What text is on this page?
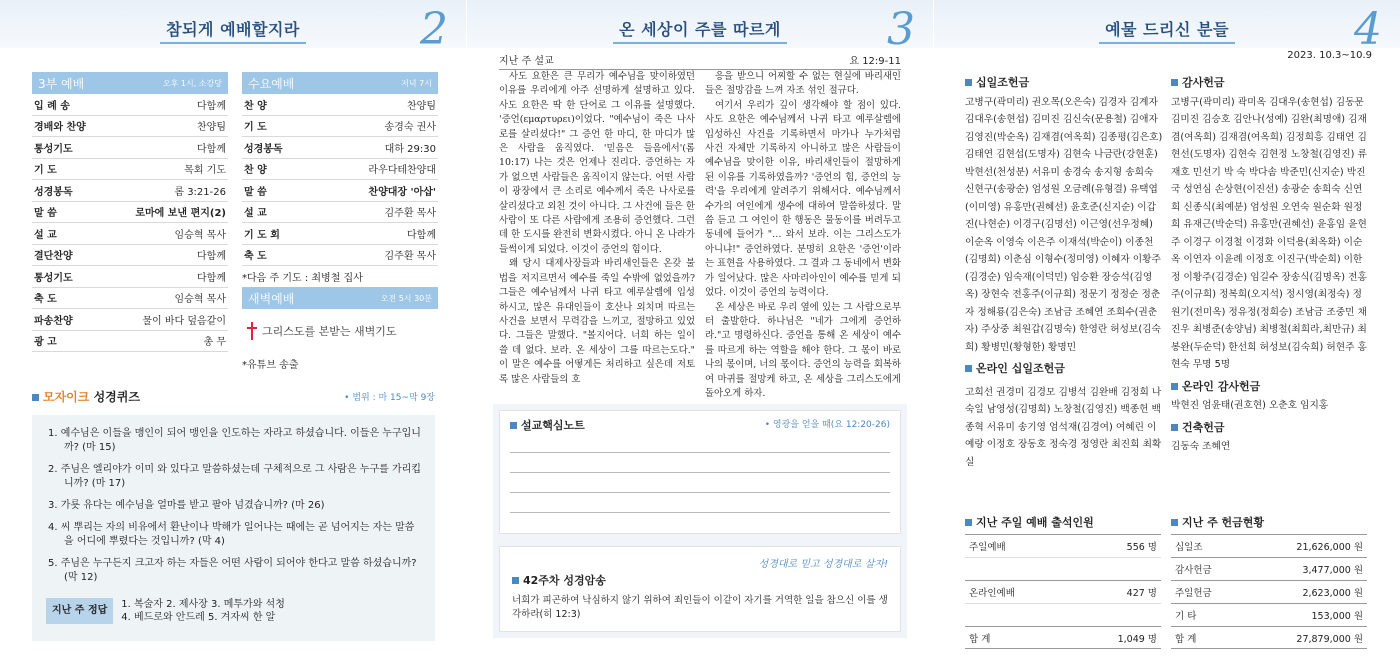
참되게 예배할지라	2
3부 예배	오후 1시, 소강당
입 례 송	다함께
경배와 찬양	찬양팀
통성기도	다함께
기 도	목회 기도
성경봉독	롬 3:21-26
말 씀	로마에 보낸 편지(2)
설 교	임승혁 목사
결단찬양	다함께
통성기도	다함께
축 도	임승혁 목사
파송찬양	물이 바다 덮음같이
광 고	총 무
수요예배	저녁 7시
찬 양	찬양팀
기 도	송경숙 권사
성경봉독	대하 29:30
찬 양	라우다테찬양대
말 씀	찬양대장 '아삽'
설 교	김주환 목사
기 도 회	다함께
축 도	김주환 목사
*다음 주 기도 : 최병철 집사
새벽예배	오전 5시 30분
그리스도를 본받는 새벽기도
*유튜브 송출
모자이크 성경퀴즈	• 범위 : 마 15~막 9장
1. 예수님은 이들을 맹인이 되어 맹인을 인도하는 자라고 하셨습니다. 이들은 누구입니까? (마 15)
2. 주님은 엘리야가 이미 와 있다고 말씀하셨는데 구체적으로 그 사람은 누구를 가리킵니까? (마 17)
3. 가룟 유다는 예수님을 얼마를 받고 팔아 넘겼습니까? (마 26)
4. 씨 뿌리는 자의 비유에서 환난이나 박해가 일어나는 때에는 곧 넘어지는 자는 말씀을 어디에 뿌렸다는 것입니까? (막 4)
5. 주님은 누구든지 크고자 하는 자들은 어떤 사람이 되어야 한다고 말씀 하셨습니까? (막 12)
지난 주 정답
1. 복술자 2. 제사장 3. 메투가와 석청
4. 베드로와 안드레 5. 겨자씨 한 알
온 세상이 주를 따르게	3
지난 주 설교	요 12:9-11

사도 요한은 큰 무리가 예수님을 맞이하였던 이유를 우리에게 아주 선명하게 설명하고 있다. 사도 요한은 딱 한 단어로 그 이유를 설명했다. '증언(εμαρτυρει)이었다. "예수님이 죽은 나사로를 살리셨다!" 그 증언 한 마디, 한 마디가 많은 사람을 움직였다. '믿음은 들음에서'(롬 10:17) 나는 것은 언제나 진리다. 증언하는 자가 없으면 사람들은 움직이지 않는다. 어떤 사람이 광장에서 큰 소리로 예수께서 죽은 나사로를 살리셨다고 외친 것이 아니다. 그 사건에 들은 한 사람이 또 다른 사람에게 조용히 증언했다. 그런데 한 도시를 완전히 변화시켰다. 아니 온 나라가 들썩이게 되었다. 이것이 증언의 힘이다.

왜 당시 대제사장들과 바리새인들은 온갖 불법을 저지르면서 예수를 죽일 수밖에 없었을까? 그들은 예수님께서 나귀 타고 예루살렘에 입성하시고, 많은 유대인들이 호산나 외치며 따르는 사건을 보면서 무력감을 느끼고, 절망하고 있었다. 그들은 말했다. "볼지어다. 너희 하는 일이 쓸 데 없다. 보라. 온 세상이 그를 따르는도다." 이 말은 예수를 어떻게든 처리하고 싶은데 저토록 많은 사람들의 호

응을 받으니 어찌할 수 없는 현실에 바리새인들은 절망감을 느껴 자조 섞인 절규다.

여기서 우리가 깊이 생각해야 할 점이 있다. 사도 요한은 예수님께서 나귀 타고 예루살렘에 입성하신 사건을 기록하면서 마가나 누가처럼 사건 자체만 기록하지 아니하고 많은 사람들이 예수님을 맞이한 이유, 바리새인들이 절망하게 된 이유를 기록하였을까? '증언의 힘, 증언의 능력'을 우리에게 알려주기 위해서다. 예수님께서 수가의 여인에게 생수에 대하여 말씀하셨다. 말씀 듣고 그 여인이 한 행동은 물동이를 버려두고 동네에 들어가 "… 와서 보라. 이는 그리스도가 아니냐!" 증언하였다. 분명히 요한은 '증언'이라는 표현을 사용하였다. 그 결과 그 동네에서 변화가 일어났다. 많은 사마리아인이 예수를 믿게 되었다. 이것이 증언의 능력이다.

온 세상은 바로 우리 옆에 있는 그 사람으로부터 출발한다. 하나님은 "네가 그에게 증언하라."고 명령하신다. 증언을 통해 온 세상이 예수를 따르게 하는 역할을 해야 한다. 그 몫이 바로 나의 몫이며, 너의 몫이다. 증언의 능력을 회복하여 마귀를 절망케 하고, 온 세상을 그리스도에게 돌아오게 하자.

설교핵심노트	• 영광을 얻을 때(요 12:20-26)
성경대로 믿고 성경대로 살자!
42주차 성경암송
너희가 피곤하여 낙심하지 않기 위하여 죄인들이 이같이 자기를 거역한 일을 참으신 이를 생각하라(히 12:3)
예물 드리신 분들	4
2023. 10.3~10.9
십일조헌금
고병구(곽미리) 권오목(오은숙) 김경자 김계자 김대우(송현섭) 김미진 김신숙(문용철) 김애자 김영진(박순옥) 김재겸(여옥희) 김종평(김은호) 김태연 김현섭(도명자) 김현숙 나금란(강현훈) 박현선(천성분) 서유미 송경숙 송지형 송희숙 신현구(송광순) 엄성원 오금례(유형결) 유택엽(이미영) 유홍만(권혜선) 윤호준(신지순) 이갑진(나현순) 이경구(김명선) 이근영(선우정혜) 이순옥 이영숙 이은주 이재석(박순이) 이종천(김명희) 이춘심 이형수(정미영) 이혜자 이황주(김경순) 임숙재(이덕민) 임승환 장승석(김영옥) 장현숙 전홍주(이규희) 정문기 정정순 정춘자 정해룡(김은숙) 조남금 조혜연 조희수(권춘자) 주상중 최원갑(김명숙) 한영란 허성보(김숙희) 황병민(황형한) 황명민
온라인 십일조헌금
고희선 권경미 김경모 김병석 김완배 김정희 나숙일 남영성(김명희) 노창철(김영진) 백종헌 백종혁 서유미 송기영 엄석재(김경여) 여혜린 이예랑 이정호 장동호 정숙경 정영란 최진희 최확실
감사헌금
고병구(곽미리) 곽미옥 김대우(송현섭) 김동문 김미진 김승호 김안나(성예) 김완(최명애) 김재겸(여옥희) 김재겸(여옥희) 김정희흥 김태연 김현선(도명자) 김현숙 김현정 노창철(김영진) 류재호 민선기 박 숙 박다솜 박준민(신지순) 박진국 성연심 손상현(이진선) 송광순 송희숙 신연희 신종식(최예분) 엄성원 오연숙 원순화 원정희 유재근(박순덕) 유홍만(권혜선) 윤홍임 윤현주 이경구 이경철 이경화 이덕용(최옥화) 이순옥 이연자 이윤례 이정호 이진구(박순희) 이한정 이황주(김경순) 임길수 장송식(김명옥) 전홍주(이규희) 정복희(오지석) 정시영(최정숙) 정원기(전미옥) 정유정(정희승) 조남금 조중민 채진우 최병준(송양님) 최병철(최희라,최만규) 최봉완(두순덕) 한선희 허성보(김숙희) 허현주 홍현숙 무명 5명
온라인 감사헌금
박현진 엄윤태(권호현) 오춘호 임지홍
건축헌금
김동숙 조혜연
지난 주일 예배 출석인원
주일예배	556 명
온라인예배	427 명
합 계	1,049 명
지난 주 헌금현황
십일조	21,626,000 원
감사헌금	3,477,000 원
주일헌금	2,623,000 원
기 타	153,000 원
합 계	27,879,000 원
